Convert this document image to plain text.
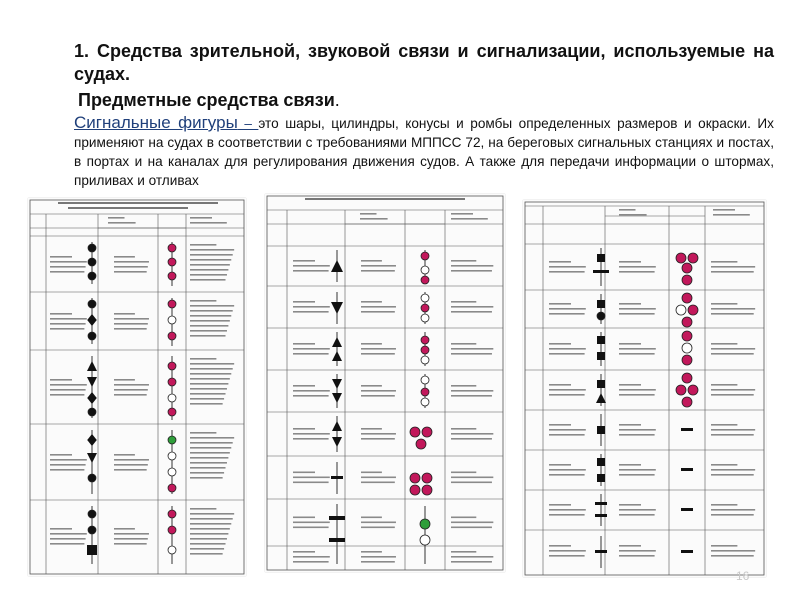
1. Средства зрительной, звуковой связи и сигнализации, используемые на судах.
Предметные средства связи.
Сигнальные фигуры – это шары, цилиндры, конусы и ромбы определенных размеров и окраски. Их применяют на судах в соответствии с требованиями МППСС 72, на береговых сигнальных станциях и постах, в портах и на каналах для регулирования движения судов. А также для передачи информации о штормах, приливах и отливах
16
